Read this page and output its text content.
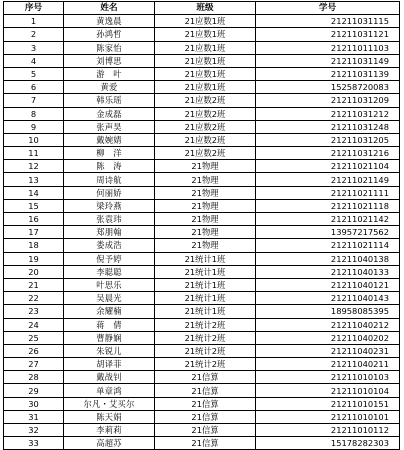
序号	姓名	班级	学号
1	黄逸晨	21应数1班	21211031115
2	孙鸿哲	21应数1班	21211031121
3	陈家怡	21应数1班	21211011103
4	刘博思	21应数1班	21211031149
5	游　叶	21应数1班	21211031139
6	黄爱	21应数1班	15258720083
7	韩乐瑶	21应数2班	21211031209
8	金成磊	21应数2班	21211031212
9	张声昊	21应数2班	21211031248
10	戴婉婧	21应数2班	21211031205
11	柳　洋	21应数2班	21211031216
12	陈　涛	21物理	21211021104
13	周诗航	21物理	21211021149
14	何丽娇	21物理	21211021111
15	梁玲燕	21物理	21211021118
16	张袁玮	21物理	21211021142
17	郑朋翰	21物理	13957217562
18	娄成浩	21物理	21211021114
19	倪予婷	21统计1班	21211040138
20	李聪聪	21统计1班	21211040133
21	叶思乐	21统计1班	21211040121
22	吴晨光	21统计1班	21211040143
23	余耀楠	21统计1班	18958085395
24	蒋　倩	21统计2班	21211040212
25	曹静娴	21统计2班	21211040202
26	朱锐儿	21统计2班	21211040231
27	胡译菲	21统计2班	21211040211
28	戴战钊	21信算	21211010103
29	单章鸿	21信算	21211010104
30	尔凡・艾买尔	21信算	21211010151
31	陈天娟	21信算	21211010101
32	李莉莉	21信算	21211010112
33	高超苏	21信算	15178282303
